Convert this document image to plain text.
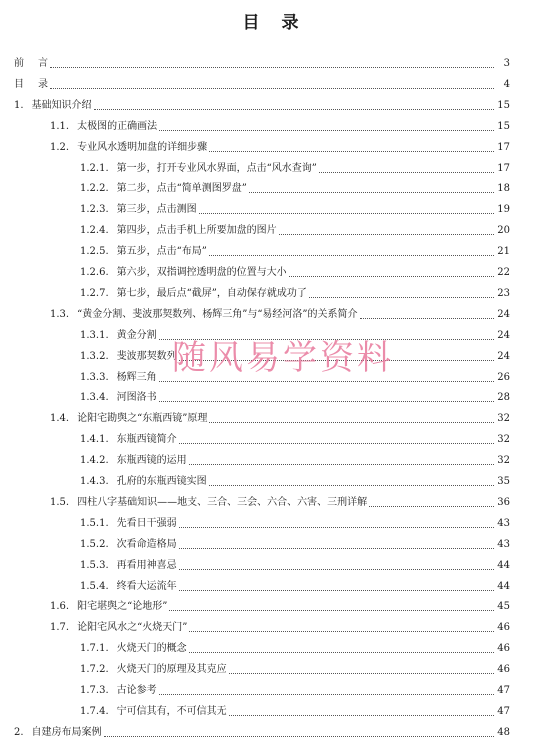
目 录
前	言	3
目	录	4
1. 基础知识介绍	15
1.1. 太极图的正确画法	15
1.2. 专业风水透明加盘的详细步骤	17
1.2.1. 第一步，打开专业风水界面，点击“风水查询”	17
1.2.2. 第二步，点击“简单测图罗盘”	18
1.2.3. 第三步，点击测图	19
1.2.4. 第四步，点击手机上所要加盘的图片	20
1.2.5. 第五步，点击“布局”	21
1.2.6. 第六步，双指调控透明盘的位置与大小	22
1.2.7. 第七步，最后点“截屏”，自动保存就成功了	23
1.3. “黄金分割、斐波那契数列、杨辉三角”与“易经河洛”的关系简介	24
1.3.1. 黄金分割	24
1.3.2. 斐波那契数列	24
1.3.3. 杨辉三角	26
1.3.4. 河图洛书	28
1.4. 论阳宅勘舆之“东瓶西镜”原理	32
1.4.1. 东瓶西镜简介	32
1.4.2. 东瓶西镜的运用	32
1.4.3. 孔府的东瓶西镜实图	35
1.5. 四柱八字基础知识——地支、三合、三会、六合、六害、三刑详解	36
1.5.1. 先看日干强弱	43
1.5.2. 次看命造格局	43
1.5.3. 再看用神喜忌	44
1.5.4. 终看大运流年	44
1.6. 阳宅堪舆之“论地形”	45
1.7. 论阳宅风水之“火烧天门”	46
1.7.1. 火烧天门的概念	46
1.7.2. 火烧天门的原理及其克应	46
1.7.3. 古论参考	47
1.7.4. 宁可信其有，不可信其无	47
2. 自建房布局案例	48
随风易学资料
